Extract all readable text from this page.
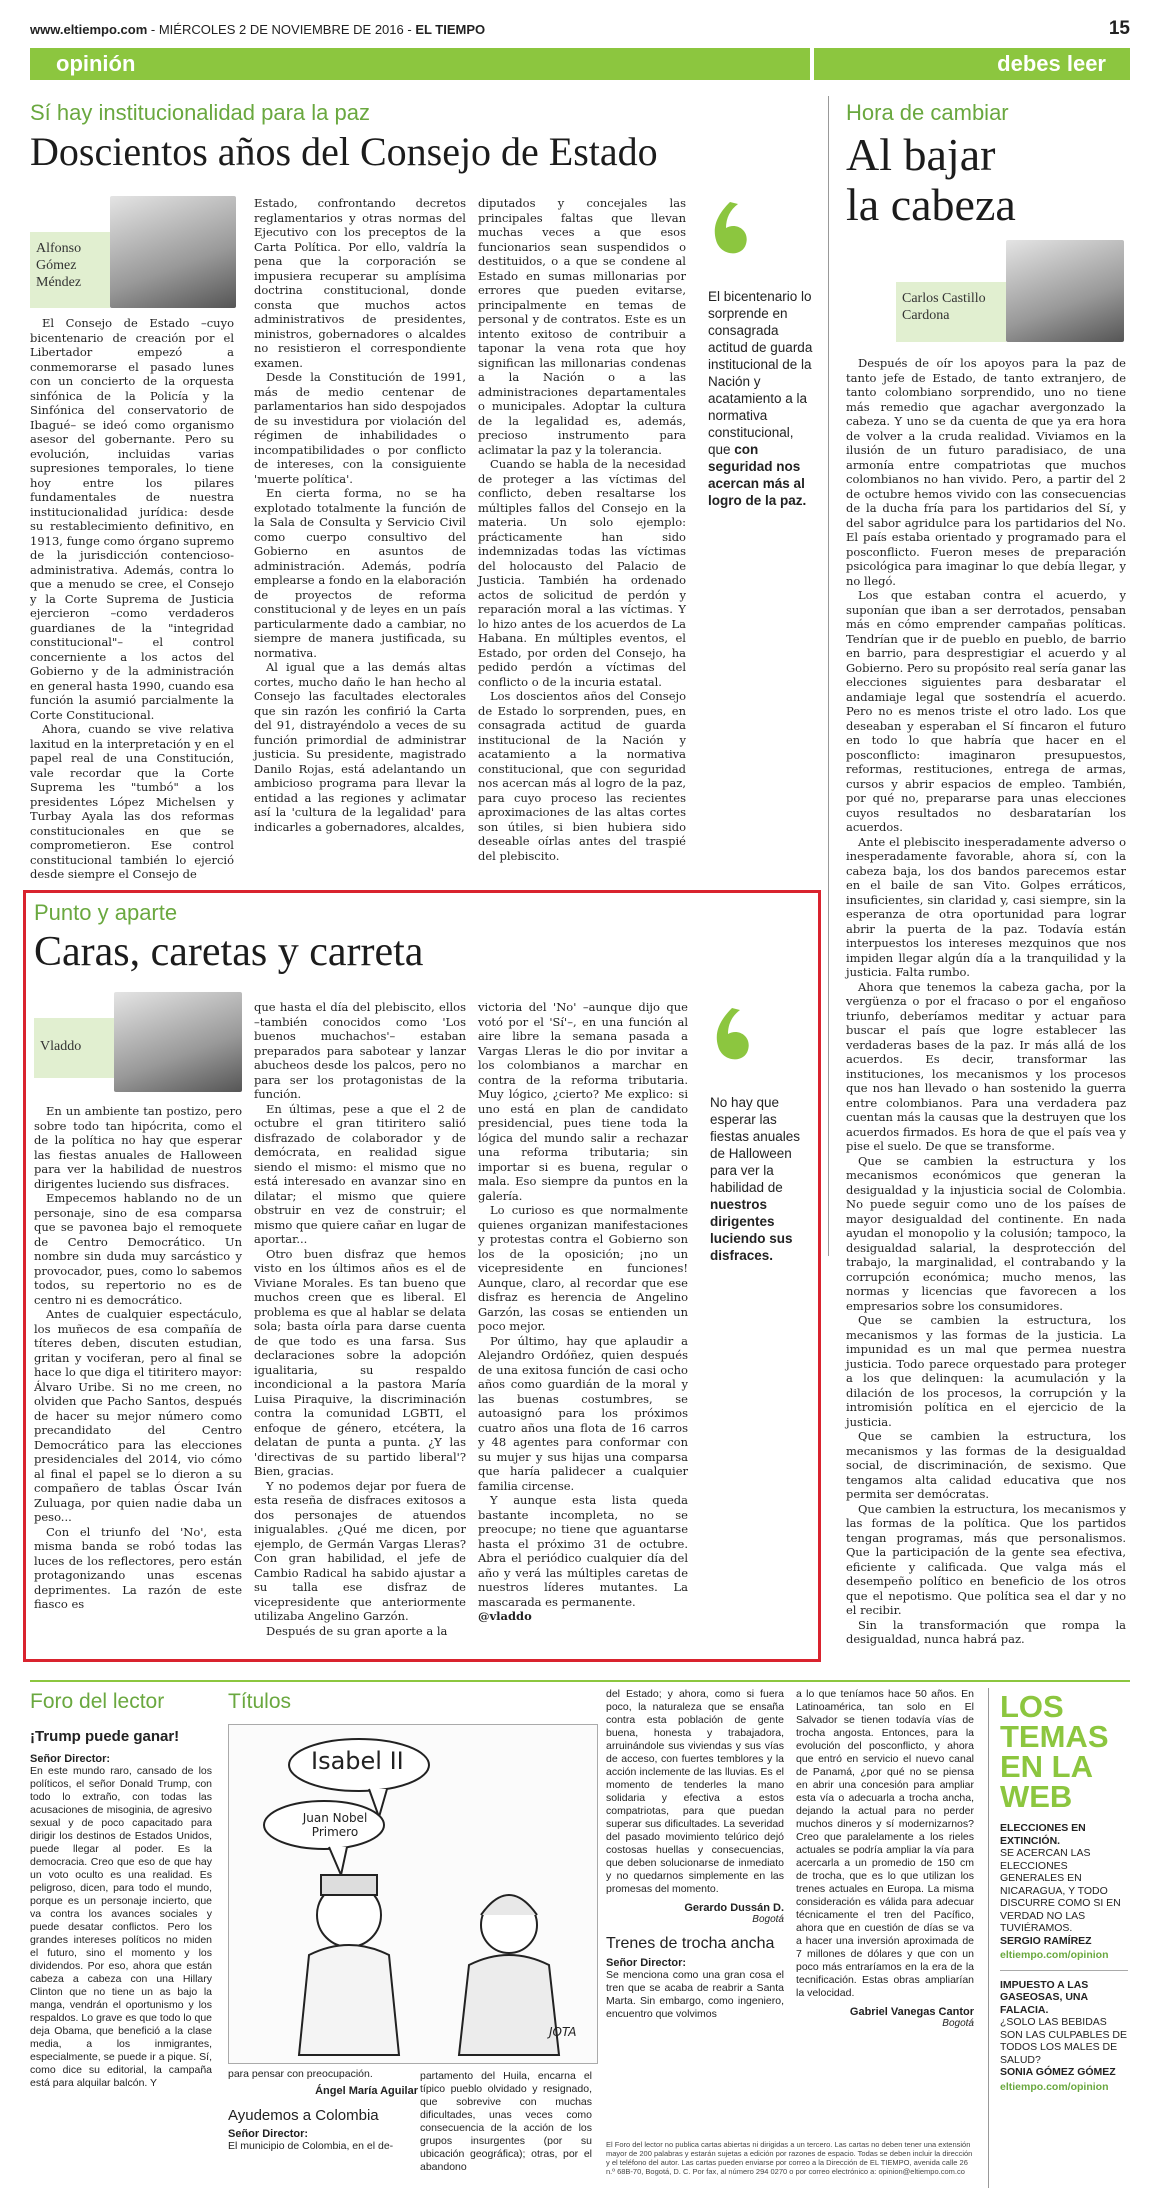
www.eltiempo.com - MIÉRCOLES 2 DE NOVIEMBRE DE 2016 - EL TIEMPO	15
opinión	debes leer
Sí hay institucionalidad para la paz
Doscientos años del Consejo de Estado
Alfonso Gómez Méndez

El Consejo de Estado –cuyo bicentenario de creación por el Libertador empezó a conmemorarse el pasado lunes con un concierto de la orquesta sinfónica de la Policía y la Sinfónica del conservatorio de Ibagué– se ideó como organismo asesor del gobernante. Pero su evolución, incluidas varias supresiones temporales, lo tiene hoy entre los pilares fundamentales de nuestra institucionalidad jurídica: desde su restablecimiento definitivo, en 1913, funge como órgano supremo de la jurisdicción contencioso-administrativa. Además, contra lo que a menudo se cree, el Consejo y la Corte Suprema de Justicia ejercieron –como verdaderos guardianes de la "integridad constitucional"– el control concerniente a los actos del Gobierno y de la administración en general hasta 1990, cuando esa función la asumió parcialmente la Corte Constitucional.

Ahora, cuando se vive relativa laxitud en la interpretación y en el papel real de una Constitución, vale recordar que la Corte Suprema les "tumbó" a los presidentes López Michelsen y Turbay Ayala las dos reformas constitucionales en que se comprometieron. Ese control constitucional también lo ejerció desde siempre el Consejo de

Estado, confrontando decretos reglamentarios y otras normas del Ejecutivo con los preceptos de la Carta Política. Por ello, valdría la pena que la corporación se impusiera recuperar su amplísima doctrina constitucional, donde consta que muchos actos administrativos de presidentes, ministros, gobernadores o alcaldes no resistieron el correspondiente examen.

Desde la Constitución de 1991, más de medio centenar de parlamentarios han sido despojados de su investidura por violación del régimen de inhabilidades o incompatibilidades o por conflicto de intereses, con la consiguiente 'muerte política'.

En cierta forma, no se ha explotado totalmente la función de la Sala de Consulta y Servicio Civil como cuerpo consultivo del Gobierno en asuntos de administración. Además, podría emplearse a fondo en la elaboración de proyectos de reforma constitucional y de leyes en un país particularmente dado a cambiar, no siempre de manera justificada, su normativa.

Al igual que a las demás altas cortes, mucho daño le han hecho al Consejo las facultades electorales que sin razón les confirió la Carta del 91, distrayéndolo a veces de su función primordial de administrar justicia. Su presidente, magistrado Danilo Rojas, está adelantando un ambicioso programa para llevar la entidad a las regiones y aclimatar así la 'cultura de la legalidad' para indicarles a gobernadores, alcaldes,

diputados y concejales las principales faltas que llevan muchas veces a que esos funcionarios sean suspendidos o destituidos, o a que se condene al Estado en sumas millonarias por errores que pueden evitarse, principalmente en temas de personal y de contratos. Este es un intento exitoso de contribuir a taponar la vena rota que hoy significan las millonarias condenas a la Nación o a las administraciones departamentales o municipales. Adoptar la cultura de la legalidad es, además, precioso instrumento para aclimatar la paz y la tolerancia.

Cuando se habla de la necesidad de proteger a las víctimas del conflicto, deben resaltarse los múltiples fallos del Consejo en la materia. Un solo ejemplo: prácticamente han sido indemnizadas todas las víctimas del holocausto del Palacio de Justicia. También ha ordenado actos de solicitud de perdón y reparación moral a las víctimas. Y lo hizo antes de los acuerdos de La Habana. En múltiples eventos, el Estado, por orden del Consejo, ha pedido perdón a víctimas del conflicto o de la incuria estatal.

Los doscientos años del Consejo de Estado lo sorprenden, pues, en consagrada actitud de guarda institucional de la Nación y acatamiento a la normativa constitucional, que con seguridad nos acercan más al logro de la paz, para cuyo proceso las recientes aproximaciones de las altas cortes son útiles, si bien hubiera sido deseable oírlas antes del traspié del plebiscito.

El bicentenario lo sorprende en consagrada actitud de guarda institucional de la Nación y acatamiento a la normativa constitucional, que con seguridad nos acercan más al logro de la paz.
Punto y aparte
Caras, caretas y carreta
Vladdo

En un ambiente tan postizo, pero sobre todo tan hipócrita, como el de la política no hay que esperar las fiestas anuales de Halloween para ver la habilidad de nuestros dirigentes luciendo sus disfraces.

Empecemos hablando no de un personaje, sino de esa comparsa que se pavonea bajo el remoquete de Centro Democrático. Un nombre sin duda muy sarcástico y provocador, pues, como lo sabemos todos, su repertorio no es de centro ni es democrático.

Antes de cualquier espectáculo, los muñecos de esa compañía de títeres deben, discuten estudian, gritan y vociferan, pero al final se hace lo que diga el titiritero mayor: Álvaro Uribe. Si no me creen, no olviden que Pacho Santos, después de hacer su mejor número como precandidato del Centro Democrático para las elecciones presidenciales del 2014, vio cómo al final el papel se lo dieron a su compañero de tablas Óscar Iván Zuluaga, por quien nadie daba un peso...

Con el triunfo del 'No', esta misma banda se robó todas las luces de los reflectores, pero están protagonizando unas escenas deprimentes. La razón de este fiasco es

que hasta el día del plebiscito, ellos –también conocidos como 'Los buenos muchachos'– estaban preparados para sabotear y lanzar abucheos desde los palcos, pero no para ser los protagonistas de la función.

En últimas, pese a que el 2 de octubre el gran titiritero salió disfrazado de colaborador y de demócrata, en realidad sigue siendo el mismo: el mismo que no está interesado en avanzar sino en dilatar; el mismo que quiere obstruir en vez de construir; el mismo que quiere cañar en lugar de aportar...

Otro buen disfraz que hemos visto en los últimos años es el de Viviane Morales. Es tan bueno que muchos creen que es liberal. El problema es que al hablar se delata sola; basta oírla para darse cuenta de que todo es una farsa. Sus declaraciones sobre la adopción igualitaria, su respaldo incondicional a la pastora María Luisa Piraquive, la discriminación contra la comunidad LGBTI, el enfoque de género, etcétera, la delatan de punta a punta. ¿Y las 'directivas de su partido liberal'? Bien, gracias.

Y no podemos dejar por fuera de esta reseña de disfraces exitosos a dos personajes de atuendos inigualables. ¿Qué me dicen, por ejemplo, de Germán Vargas Lleras? Con gran habilidad, el jefe de Cambio Radical ha sabido ajustar a su talla ese disfraz de vicepresidente que anteriormente utilizaba Angelino Garzón.

Después de su gran aporte a la

victoria del 'No' –aunque dijo que votó por el 'Sí'–, en una función al aire libre la semana pasada a Vargas Lleras le dio por invitar a los colombianos a marchar en contra de la reforma tributaria. Muy lógico, ¿cierto? Me explico: si uno está en plan de candidato presidencial, pues tiene toda la lógica del mundo salir a rechazar una reforma tributaria; sin importar si es buena, regular o mala. Eso siempre da puntos en la galería.

Lo curioso es que normalmente quienes organizan manifestaciones y protestas contra el Gobierno son los de la oposición; ¡no un vicepresidente en funciones! Aunque, claro, al recordar que ese disfraz es herencia de Angelino Garzón, las cosas se entienden un poco mejor.

Por último, hay que aplaudir a Alejandro Ordóñez, quien después de una exitosa función de casi ocho años como guardián de la moral y las buenas costumbres, se autoasignó para los próximos cuatro años una flota de 16 carros y 48 agentes para conformar con su mujer y sus hijas una comparsa que haría palidecer a cualquier familia circense.

Y aunque esta lista queda bastante incompleta, no se preocupe; no tiene que aguantarse hasta el próximo 31 de octubre. Abra el periódico cualquier día del año y verá las múltiples caretas de nuestros líderes mutantes. La mascarada es permanente.

@vladdo

No hay que esperar las fiestas anuales de Halloween para ver la habilidad de nuestros dirigentes luciendo sus disfraces.
Hora de cambiar
Al bajar
la cabeza
Carlos Castillo Cardona

Después de oír los apoyos para la paz de tanto jefe de Estado, de tanto extranjero, de tanto colombiano sorprendido, uno no tiene más remedio que agachar avergonzado la cabeza. Y uno se da cuenta de que ya era hora de volver a la cruda realidad. Viviamos en la ilusión de un futuro paradisiaco, de una armonía entre compatriotas que muchos colombianos no han vivido. Pero, a partir del 2 de octubre hemos vivido con las consecuencias de la ducha fría para los partidarios del Sí, y del sabor agridulce para los partidarios del No. El país estaba orientado y programado para el posconflicto. Fueron meses de preparación psicológica para imaginar lo que debía llegar, y no llegó.

Los que estaban contra el acuerdo, y suponían que iban a ser derrotados, pensaban más en cómo emprender campañas políticas. Tendrían que ir de pueblo en pueblo, de barrio en barrio, para desprestigiar el acuerdo y al Gobierno. Pero su propósito real sería ganar las elecciones siguientes para desbaratar el andamiaje legal que sostendría el acuerdo. Pero no es menos triste el otro lado. Los que deseaban y esperaban el Sí fincaron el futuro en todo lo que habría que hacer en el posconflicto: imaginaron presupuestos, reformas, restituciones, entrega de armas, cursos y abrir espacios de empleo. También, por qué no, prepararse para unas elecciones cuyos resultados no desbaratarían los acuerdos.

Ante el plebiscito inesperadamente adverso o inesperadamente favorable, ahora sí, con la cabeza baja, los dos bandos parecemos estar en el baile de san Vito. Golpes erráticos, insuficientes, sin claridad y, casi siempre, sin la esperanza de otra oportunidad para lograr abrir la puerta de la paz. Todavía están interpuestos los intereses mezquinos que nos impiden llegar algún día a la tranquilidad y la justicia. Falta rumbo.

Ahora que tenemos la cabeza gacha, por la vergüenza o por el fracaso o por el engañoso triunfo, deberíamos meditar y actuar para buscar el país que logre establecer las verdaderas bases de la paz. Ir más allá de los acuerdos. Es decir, transformar las instituciones, los mecanismos y los procesos que nos han llevado o han sostenido la guerra entre colombianos. Para una verdadera paz cuentan más la causas que la destruyen que los acuerdos firmados. Es hora de que el país vea y pise el suelo. De que se transforme.

Que se cambien la estructura y los mecanismos económicos que generan la desigualdad y la injusticia social de Colombia. No puede seguir como uno de los países de mayor desigualdad del continente. En nada ayudan el monopolio y la colusión; tampoco, la desigualdad salarial, la desprotección del trabajo, la marginalidad, el contrabando y la corrupción económica; mucho menos, las normas y licencias que favorecen a los empresarios sobre los consumidores.

Que se cambien la estructura, los mecanismos y las formas de la justicia. La impunidad es un mal que permea nuestra justicia. Todo parece orquestado para proteger a los que delinquen: la acumulación y la dilación de los procesos, la corrupción y la intromisión política en el ejercicio de la justicia.

Que se cambien la estructura, los mecanismos y las formas de la desigualdad social, de discriminación, de sexismo. Que tengamos alta calidad educativa que nos permita ser demócratas.

Que cambien la estructura, los mecanismos y las formas de la política. Que los partidos tengan programas, más que personalismos. Que la participación de la gente sea efectiva, eficiente y calificada. Que valga más el desempeño político en beneficio de los otros que el nepotismo. Que política sea el dar y no el recibir.

Sin la transformación que rompa la desigualdad, nunca habrá paz.

Foro del lector
¡Trump puede ganar!
Señor Director:

En este mundo raro, cansado de los políticos, el señor Donald Trump, con todo lo extraño, con todas las acusaciones de misoginia, de agresivo sexual y de poco capacitado para dirigir los destinos de Estados Unidos, puede llegar al poder. Es la democracia. Creo que eso de que hay un voto oculto es una realidad. Es peligroso, dicen, para todo el mundo, porque es un personaje incierto, que va contra los avances sociales y puede desatar conflictos. Pero los grandes intereses políticos no miden el futuro, sino el momento y los dividendos. Por eso, ahora que están cabeza a cabeza con una Hillary Clinton que no tiene un as bajo la manga, vendrán el oportunismo y los respaldos. Lo grave es que todo lo que deja Obama, que benefició a la clase media, a los inmigrantes, especialmente, se puede ir a pique. Sí, como dice su editorial, la campaña está para alquilar balcón. Y

Títulos
Isabel II
Juan Nobel Primero
JOTA

para pensar con preocupación.

Ángel María Aguilar
Ayudemos a Colombia
Señor Director:

El municipio de Colombia, en el de-

partamento del Huila, encarna el típico pueblo olvidado y resignado, que sobrevive con muchas dificultades, unas veces como consecuencia de la acción de los grupos insurgentes (por su ubicación geográfica); otras, por el abandono

del Estado; y ahora, como si fuera poco, la naturaleza que se ensaña contra esta población de gente buena, honesta y trabajadora, arruinándole sus viviendas y sus vías de acceso, con fuertes temblores y la acción inclemente de las lluvias. Es el momento de tenderles la mano solidaria y efectiva a estos compatriotas, para que puedan superar sus dificultades. La severidad del pasado movimiento telúrico dejó costosas huellas y consecuencias, que deben solucionarse de inmediato y no quedarnos simplemente en las promesas del momento.

Gerardo Dussán D.
Bogotá
Trenes de trocha ancha
Señor Director:

Se menciona como una gran cosa el tren que se acaba de reabrir a Santa Marta. Sin embargo, como ingeniero, encuentro que volvimos

a lo que teníamos hace 50 años. En Latinoamérica, tan solo en El Salvador se tienen todavía vías de trocha angosta. Entonces, para la evolución del posconflicto, y ahora que entró en servicio el nuevo canal de Panamá, ¿por qué no se piensa en abrir una concesión para ampliar esta vía o adecuarla a trocha ancha, dejando la actual para no perder muchos dineros y sí modernizarnos? Creo que paralelamente a los rieles actuales se podría ampliar la vía para acercarla a un promedio de 150 cm de trocha, que es lo que utilizan los trenes actuales en Europa. La misma consideración es válida para adecuar técnicamente el tren del Pacífico, ahora que en cuestión de días se va a hacer una inversión aproximada de 7 millones de dólares y que con un poco más entraríamos en la era de la tecnificación. Estas obras ampliarían la velocidad.

Gabriel Vanegas Cantor
Bogotá
El Foro del lector no publica cartas abiertas ni dirigidas a un tercero. Las cartas no deben tener una extensión mayor de 200 palabras y estarán sujetas a edición por razones de espacio. Todas se deben incluir la dirección y el teléfono del autor. Las cartas pueden enviarse por correo a la Dirección de EL TIEMPO, avenida calle 26 n.º 68B-70, Bogotá, D. C. Por fax, al número 294 0270 o por correo electrónico a: opinion@eltiempo.com.co
LOS TEMAS EN LA WEB
ELECCIONES EN EXTINCIÓN.
SE ACERCAN LAS ELECCIONES GENERALES EN NICARAGUA, Y TODO DISCURRE COMO SI EN VERDAD NO LAS TUVIÉRAMOS.
SERGIO RAMÍREZ
eltiempo.com/opinion
IMPUESTO A LAS GASEOSAS, UNA FALACIA.
¿SOLO LAS BEBIDAS SON LAS CULPABLES DE TODOS LOS MALES DE SALUD?
SONIA GÓMEZ GÓMEZ
eltiempo.com/opinion
